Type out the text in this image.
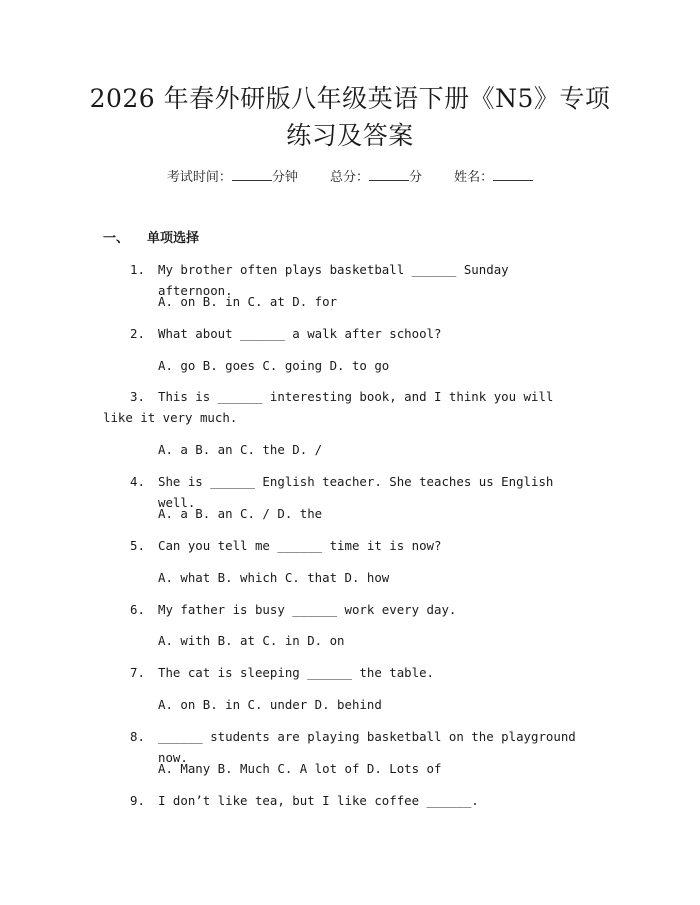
2026 年春外研版八年级英语下册《N5》专项
练习及答案
考试时间：	分钟 总分：	分 姓名：
一、 单项选择
1.	My brother often plays basketball ______ Sunday afternoon.
A. on B. in C. at D. for
2.	What about ______ a walk after school?
A. go B. goes C. going D. to go
3.	This is ______ interesting book, and I think you will like it very much.
A. a B. an C. the D. /
4.	She is ______ English teacher. She teaches us English well.
A. a B. an C. / D. the
5.	Can you tell me ______ time it is now?
A. what B. which C. that D. how
6.	My father is busy ______ work every day.
A. with B. at C. in D. on
7.	The cat is sleeping ______ the table.
A. on B. in C. under D. behind
8.	______ students are playing basketball on the playground now.
A. Many B. Much C. A lot of D. Lots of
9.	I don’t like tea, but I like coffee ______.
